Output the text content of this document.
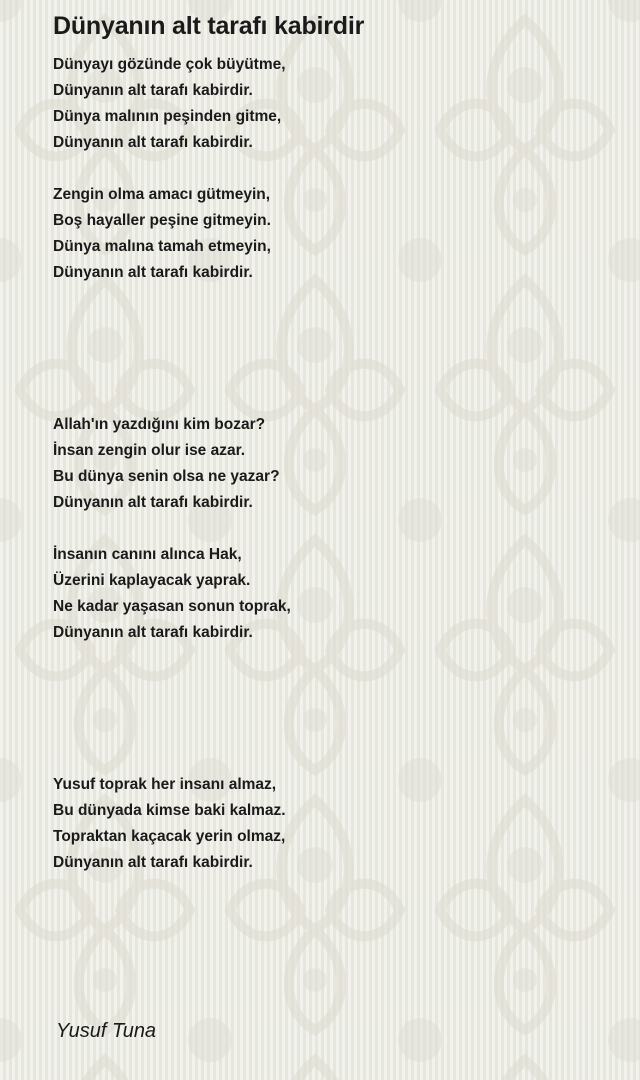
Dünyanın alt tarafı kabirdir
Dünyayı gözünde çok büyütme,
Dünyanın alt tarafı kabirdir.
Dünya malının peşinden gitme,
Dünyanın alt tarafı kabirdir.
Zengin olma amacı gütmeyin,
Boş hayaller peşine gitmeyin.
Dünya malına tamah etmeyin,
Dünyanın alt tarafı kabirdir.
Allah'ın yazdığını kim bozar?
İnsan zengin olur ise azar.
Bu dünya senin olsa ne yazar?
Dünyanın alt tarafı kabirdir.
İnsanın canını alınca Hak,
Üzerini kaplayacak yaprak.
Ne kadar yaşasan sonun toprak,
Dünyanın alt tarafı kabirdir.
Yusuf toprak her insanı almaz,
Bu dünyada kimse baki kalmaz.
Topraktan kaçacak yerin olmaz,
Dünyanın alt tarafı kabirdir.
Yusuf Tuna
